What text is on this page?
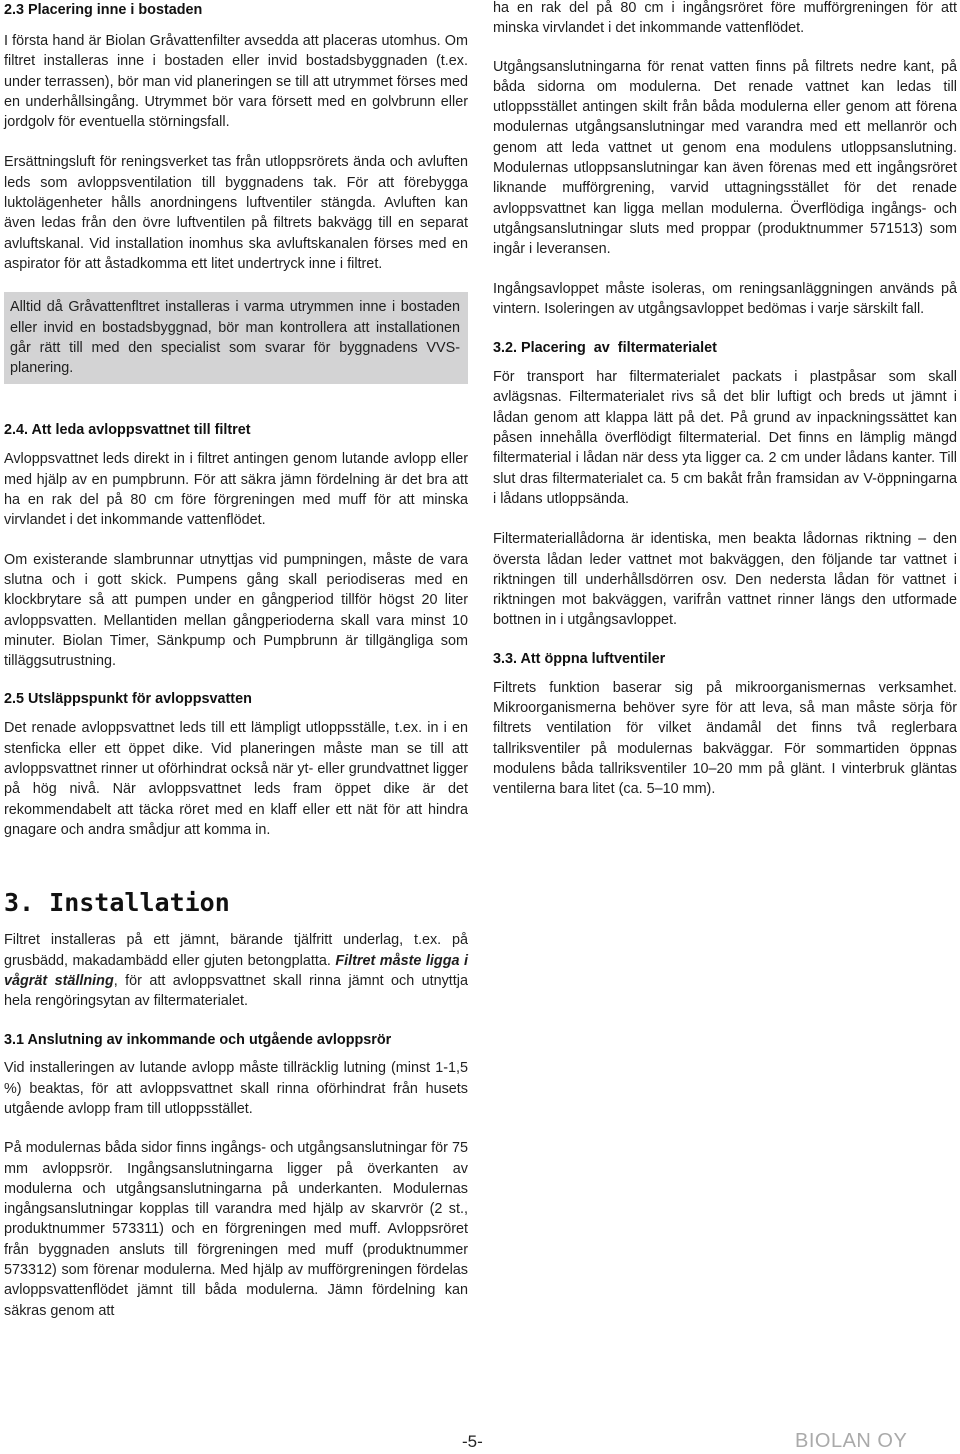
2.3 Placering inne i bostaden

I första hand är Biolan Gråvattenfilter avsedda att placeras utomhus. Om filtret installeras inne i bostaden eller invid bostadsbyggnaden (t.ex. under terrassen), bör man vid planeringen se till att utrymmet förses med en underhållsingång. Utrymmet bör vara försett med en golvbrunn eller jordgolv för eventuella störningsfall.

Ersättningsluft för reningsverket tas från utloppsrörets ända och avluften leds som avloppsventilation till byggnadens tak. För att förebygga luktolägenheter hålls anordningens luftventiler stängda. Avluften kan även ledas från den övre luftventilen på filtrets bakvägg till en separat avluftskanal. Vid installation inomhus ska avluftskanalen förses med en aspirator för att åstadkomma ett litet undertryck inne i filtret.

Alltid då Gråvattenfltret installeras i varma utrymmen inne i bostaden eller invid en bostadsbyggnad, bör man kontrollera att installationen går rätt till med den specialist som svarar för byggnadens VVS-planering.

2.4. Att leda avloppsvattnet till filtret

Avloppsvattnet leds direkt in i filtret antingen genom lutande avlopp eller med hjälp av en pumpbrunn. För att säkra jämn fördelning är det bra att ha en rak del på 80 cm före förgreningen med muff för att minska virvlandet i det inkommande vattenflödet.

Om existerande slambrunnar utnyttjas vid pumpningen, måste de vara slutna och i gott skick. Pumpens gång skall periodiseras med en klockbrytare så att pumpen under en gångperiod tillför högst 20 liter avloppsvatten. Mellantiden mellan gångperioderna skall vara minst 10 minuter. Biolan Timer, Sänkpump och Pumpbrunn är tillgängliga som tilläggsutrustning.

2.5 Utsläppspunkt för avloppsvatten

Det renade avloppsvattnet leds till ett lämpligt utloppsställe, t.ex. in i en stenficka eller ett öppet dike. Vid planeringen måste man se till att avloppsvattnet rinner ut oförhindrat också när yt- eller grundvattnet ligger på hög nivå. När avloppsvattnet leds fram öppet dike är det rekommendabelt att täcka röret med en klaff eller ett nät för att hindra gnagare och andra smådjur att komma in.

3. Installation

Filtret installeras på ett jämnt, bärande tjälfritt underlag, t.ex. på grusbädd, makadambädd eller gjuten betongplatta. Filtret måste ligga i vågrät ställning, för att avloppsvattnet skall rinna jämnt och utnyttja hela rengöringsytan av filtermaterialet.

3.1 Anslutning av inkommande och utgående avloppsrör

Vid installeringen av lutande avlopp måste tillräcklig lutning (minst 1-1,5 %) beaktas, för att avloppsvattnet skall rinna oförhindrat från husets utgående avlopp fram till utloppsstället.

På modulernas båda sidor finns ingångs- och utgångsanslutningar för 75 mm avloppsrör. Ingångsanslutningarna ligger på överkanten av modulerna och utgångsanslutningarna på underkanten. Modulernas ingångsanslutningar kopplas till varandra med hjälp av skarvrör (2 st., produktnummer 573311) och en förgreningen med muff. Avloppsröret från byggnaden ansluts till förgreningen med muff (produktnummer 573312) som förenar modulerna. Med hjälp av mufförgreningen fördelas avloppsvattenflödet jämnt till båda modulerna. Jämn fördelning kan säkras genom att

ha en rak del på 80 cm i ingångsröret före mufförgreningen för att minska virvlandet i det inkommande vattenflödet.

Utgångsanslutningarna för renat vatten finns på filtrets nedre kant, på båda sidorna om modulerna. Det renade vattnet kan ledas till utloppsstället antingen skilt från båda modulerna eller genom att förena modulernas utgångsanslutningar med varandra med ett mellanrör och genom att leda vattnet ut genom ena modulens utloppsanslutning. Modulernas utloppsanslutningar kan även förenas med ett ingångsröret liknande mufförgrening, varvid uttagningsstället för det renade avloppsvattnet kan ligga mellan modulerna. Överflödiga ingångs- och utgångsanslutningar sluts med proppar (produktnummer 571513) som ingår i leveransen.

Ingångsavloppet måste isoleras, om reningsanläggningen används på vintern. Isoleringen av utgångsavloppet bedömas i varje särskilt fall.

3.2. Placering  av  filtermaterialet

För transport har filtermaterialet packats i plastpåsar som skall avlägsnas. Filtermaterialet rivs så det blir luftigt och breds ut jämnt i lådan genom att klappa lätt på det. På grund av inpackningssättet kan påsen innehålla överflödigt filtermaterial. Det finns en lämplig mängd filtermaterial i lådan när dess yta ligger ca. 2 cm under lådans kanter. Till slut dras filtermaterialet ca. 5 cm bakåt från framsidan av V-öppningarna i lådans utloppsända.

Filtermateriallådorna är identiska, men beakta lådornas riktning – den översta lådan leder vattnet mot bakväggen, den följande tar vattnet i riktningen till underhållsdörren osv. Den nedersta lådan för vattnet i riktningen mot bakväggen, varifrån vattnet rinner längs den utformade bottnen in i utgångsavloppet.

3.3. Att öppna luftventiler

Filtrets funktion baserar sig på mikroorganismernas verksamhet. Mikroorganismerna behöver syre för att leva, så man måste sörja för filtrets ventilation för vilket ändamål det finns två reglerbara tallriksventiler på modulernas bakväggar. För sommartiden öppnas modulens båda tallriksventiler 10–20 mm på glänt. I vinterbruk gläntas ventilerna bara litet (ca. 5–10 mm).

-5-	BIOLAN OY
